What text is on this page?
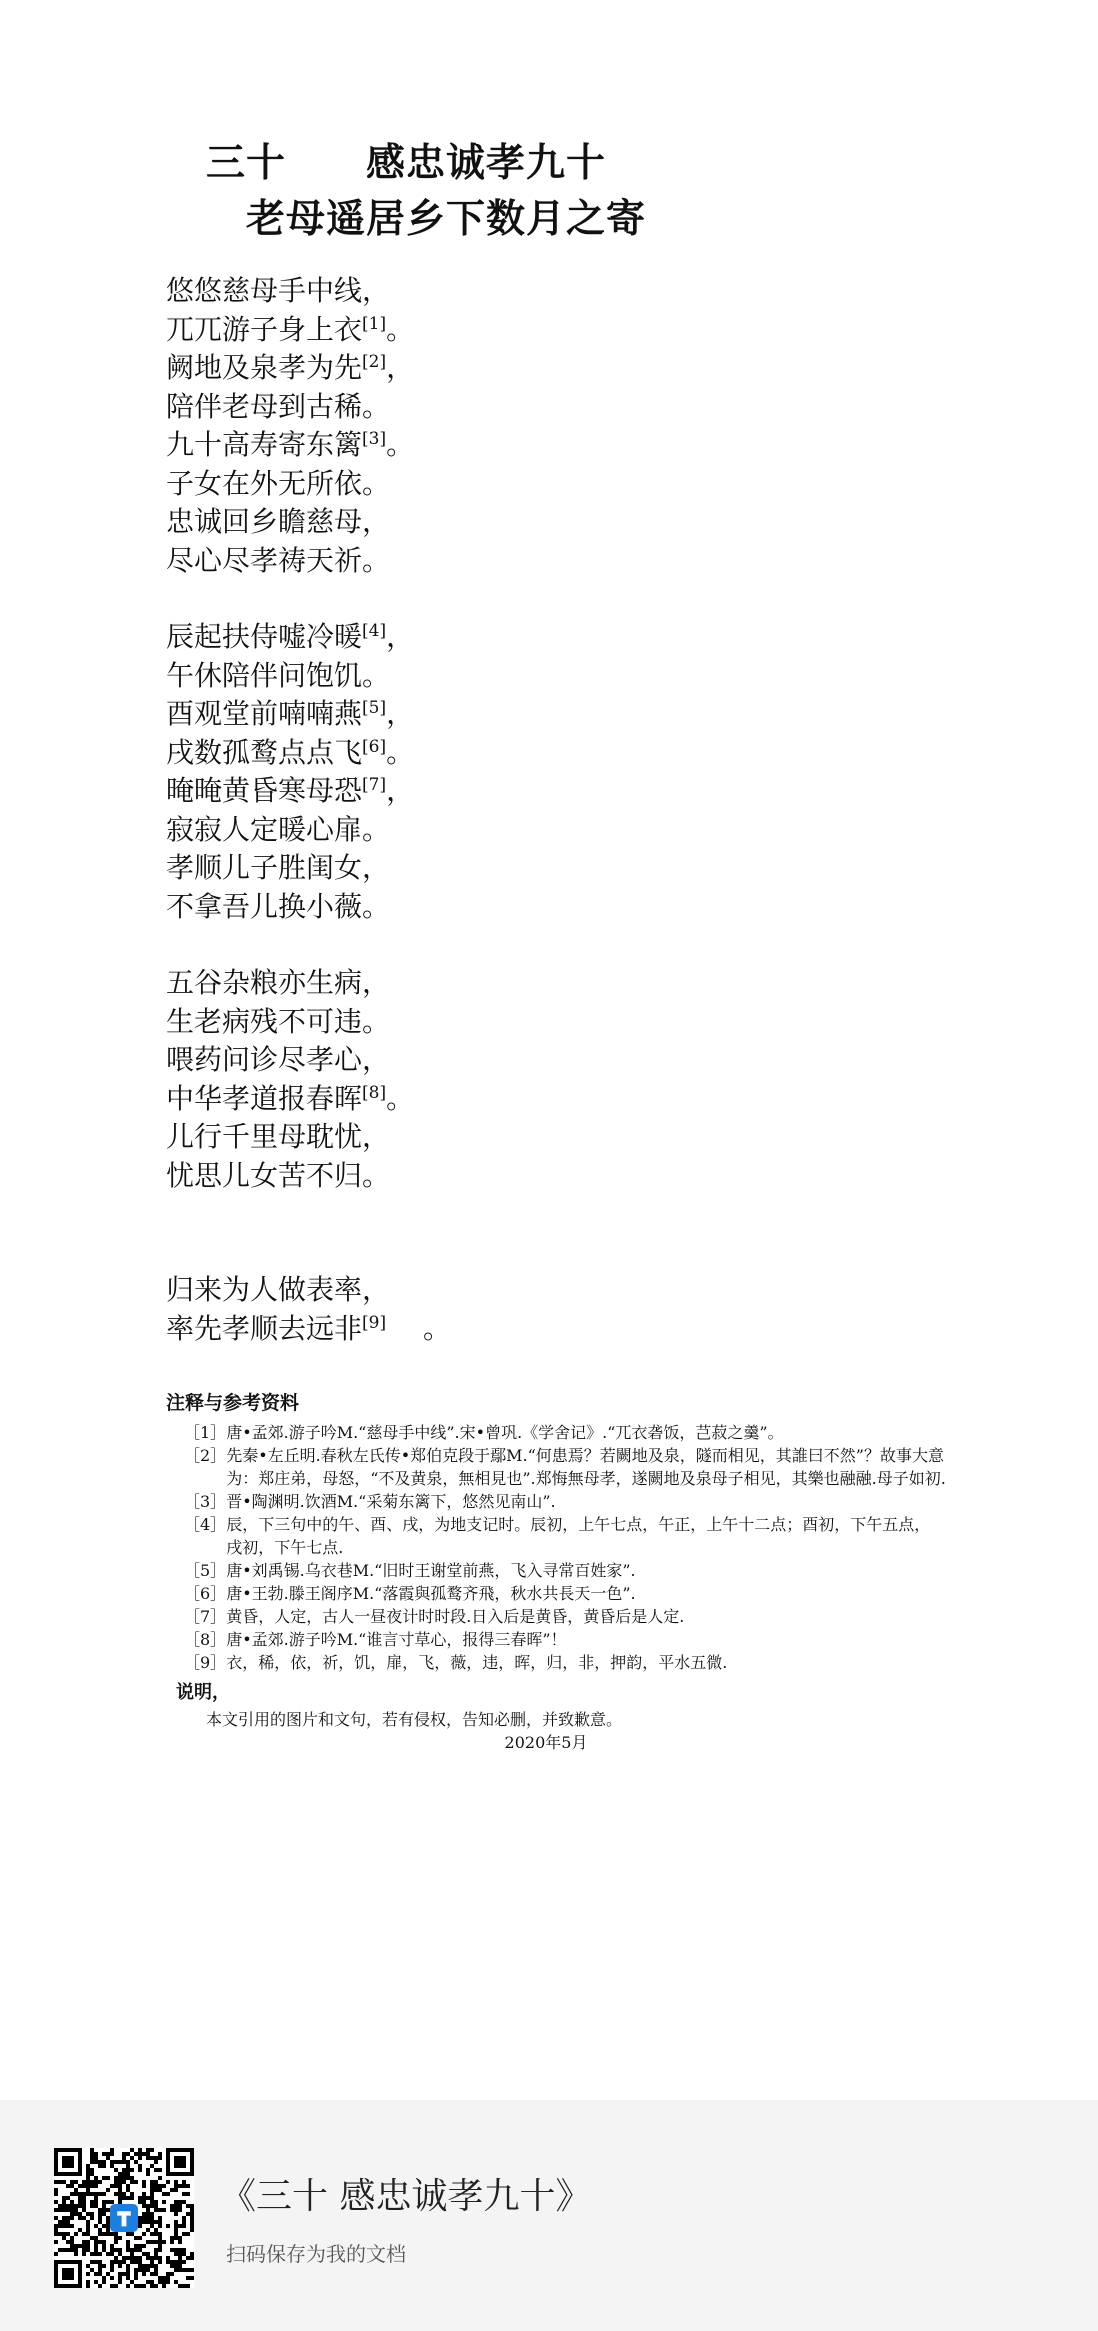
三十　　感忠诚孝九十
老母遥居乡下数月之寄
悠悠慈母手中线，
兀兀游子身上衣[1]。
阙地及泉孝为先[2]，
陪伴老母到古稀。
九十高寿寄东篱[3]。
子女在外无所依。
忠诚回乡瞻慈母，
尽心尽孝祷天祈。
辰起扶侍嘘冷暖[4]，
午休陪伴问饱饥。
酉观堂前喃喃燕[5]，
戌数孤鹜点点飞[6]。
晻晻黄昏寒母恐[7]，
寂寂人定暖心扉。
孝顺儿子胜闺女，
不拿吾儿换小薇。
五谷杂粮亦生病，
生老病残不可违。
喂药问诊尽孝心，
中华孝道报春晖[8]。
儿行千里母耽忧，
忧思儿女苦不归。
归来为人做表率，
率先孝顺去远非[9]　 。
注释与参考资料
［1］ 唐•孟郊.游子吟M.“慈母手中线”.宋•曾巩.《学舍记》.“兀衣砻饭，芑菽之羹”。
［2］ 先秦•左丘明.春秋左氏传•郑伯克段于鄢M.“何患焉？若闕地及泉，隧而相见，其誰曰不然”？故事大意为：郑庄弟，母怒，“不及黄泉，無相見也”.郑悔無母孝，遂闕地及泉母子相见，其樂也融融.母子如初.
［3］ 晋•陶渊明.饮酒M.“采菊东篱下，悠然见南山”.
［4］ 辰，下三句中的午、酉、戌，为地支记时。辰初，上午七点，午正，上午十二点；酉初，下午五点，戌初，下午七点.
［5］ 唐•刘禹锡.乌衣巷M.“旧时王谢堂前燕，飞入寻常百姓家”.
［6］ 唐•王勃.滕王阁序M.“落霞與孤鹜齐飛，秋水共長天一色”.
［7］ 黄昏，人定，古人一昼夜计时时段.日入后是黄昏，黄昏后是人定.
［8］ 唐•孟郊.游子吟M.“谁言寸草心，报得三春晖”！
［9］ 衣，稀，依，祈，饥，扉，飞，薇，违，晖，归，非，押韵，平水五微.
说明，
本文引用的图片和文句，若有侵权，告知必删，并致歉意。
2020年5月
《三十 感忠诚孝九十》
扫码保存为我的文档
